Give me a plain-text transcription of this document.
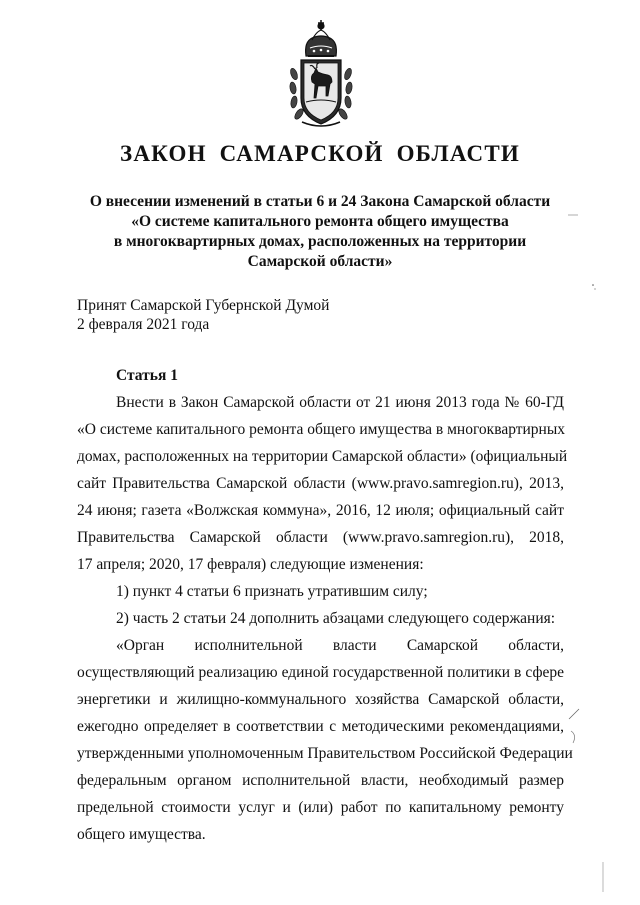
ЗАКОН САМАРСКОЙ ОБЛАСТИ
О внесении изменений в статьи 6 и 24 Закона Самарской области
«О системе капитального ремонта общего имущества
в многоквартирных домах, расположенных на территории
Самарской области»
Принят Самарской Губернской Думой
2 февраля 2021 года
Статья 1
Внести в Закон Самарской области от 21 июня 2013 года № 60-ГД
«О системе капитального ремонта общего имущества в многоквартирных
домах, расположенных на территории Самарской области» (официальный
сайт Правительства Самарской области (www.pravo.samregion.ru), 2013,
24 июня; газета «Волжская коммуна», 2016, 12 июля; официальный сайт
Правительства Самарской области (www.pravo.samregion.ru), 2018,
17 апреля; 2020, 17 февраля) следующие изменения:
1) пункт 4 статьи 6 признать утратившим силу;
2) часть 2 статьи 24 дополнить абзацами следующего содержания:
«Орган исполнительной власти Самарской области,
осуществляющий реализацию единой государственной политики в сфере
энергетики и жилищно-коммунального хозяйства Самарской области,
ежегодно определяет в соответствии с методическими рекомендациями,
утвержденными уполномоченным Правительством Российской Федерации
федеральным органом исполнительной власти, необходимый размер
предельной стоимости услуг и (или) работ по капитальному ремонту
общего имущества.
